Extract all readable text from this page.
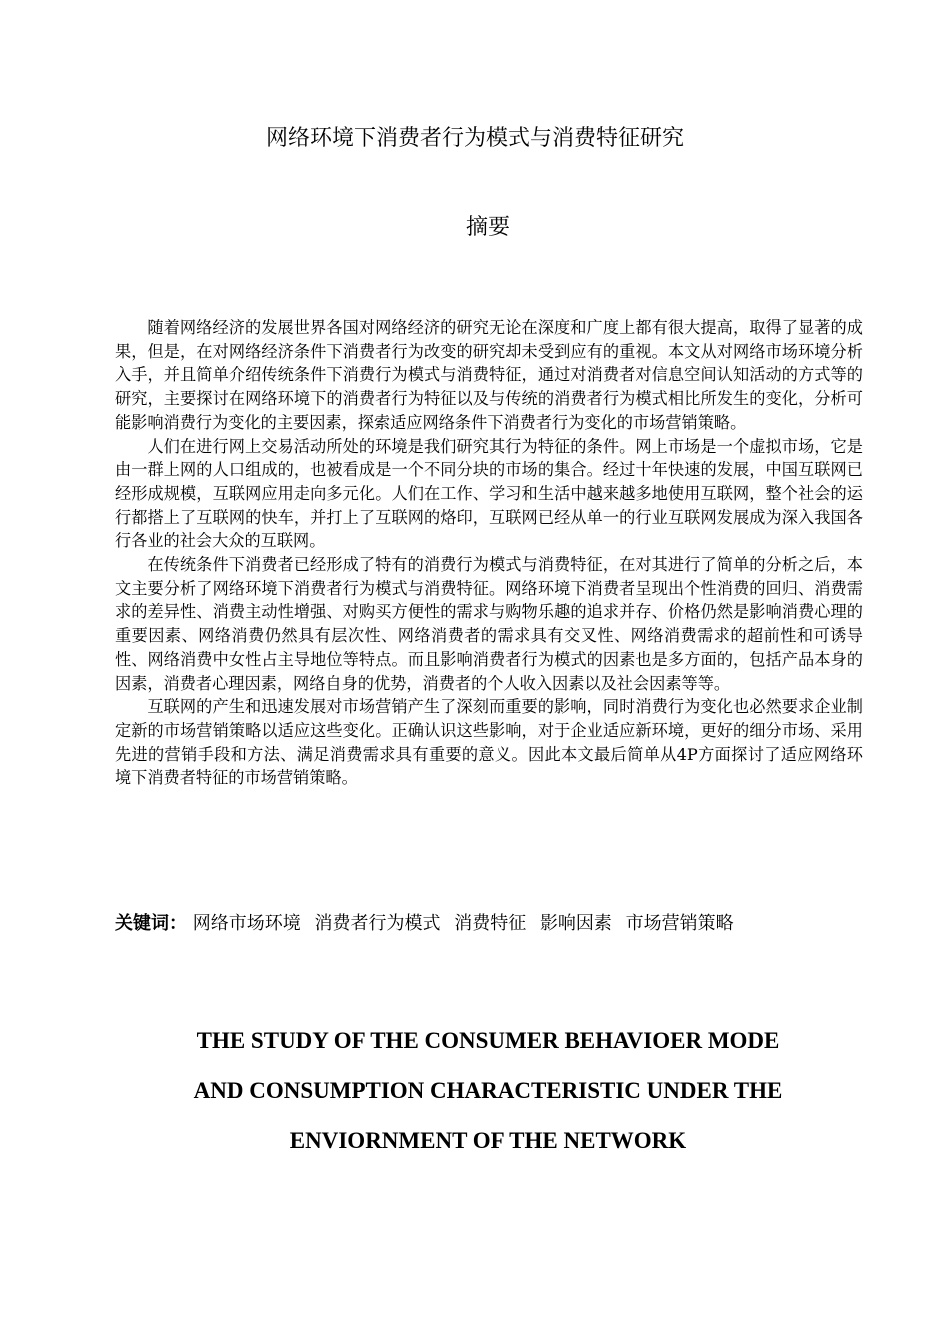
网络环境下消费者行为模式与消费特征研究
摘要

随着网络经济的发展世界各国对网络经济的研究无论在深度和广度上都有很大提高，取得了显著的成果，但是，在对网络经济条件下消费者行为改变的研究却未受到应有的重视。本文从对网络市场环境分析入手，并且简单介绍传统条件下消费行为模式与消费特征，通过对消费者对信息空间认知活动的方式等的研究，主要探讨在网络环境下的消费者行为特征以及与传统的消费者行为模式相比所发生的变化，分析可能影响消费行为变化的主要因素，探索适应网络条件下消费者行为变化的市场营销策略。

人们在进行网上交易活动所处的环境是我们研究其行为特征的条件。网上市场是一个虚拟市场，它是由一群上网的人口组成的，也被看成是一个不同分块的市场的集合。经过十年快速的发展，中国互联网已经形成规模，互联网应用走向多元化。人们在工作、学习和生活中越来越多地使用互联网，整个社会的运行都搭上了互联网的快车，并打上了互联网的烙印，互联网已经从单一的行业互联网发展成为深入我国各行各业的社会大众的互联网。

在传统条件下消费者已经形成了特有的消费行为模式与消费特征，在对其进行了简单的分析之后，本文主要分析了网络环境下消费者行为模式与消费特征。网络环境下消费者呈现出个性消费的回归、消费需求的差异性、消费主动性增强、对购买方便性的需求与购物乐趣的追求并存、价格仍然是影响消费心理的重要因素、网络消费仍然具有层次性、网络消费者的需求具有交叉性、网络消费需求的超前性和可诱导性、网络消费中女性占主导地位等特点。而且影响消费者行为模式的因素也是多方面的，包括产品本身的因素，消费者心理因素，网络自身的优势，消费者的个人收入因素以及社会因素等等。

互联网的产生和迅速发展对市场营销产生了深刻而重要的影响，同时消费行为变化也必然要求企业制定新的市场营销策略以适应这些变化。正确认识这些影响，对于企业适应新环境，更好的细分市场、采用先进的营销手段和方法、满足消费需求具有重要的意义。因此本文最后简单从4P方面探讨了适应网络环境下消费者特征的市场营销策略。

关键词： 网络市场环境 消费者行为模式 消费特征 影响因素 市场营销策略
THE STUDY OF THE CONSUMER BEHAVIOER MODE
AND CONSUMPTION CHARACTERISTIC UNDER THE
ENVIORNMENT OF THE NETWORK
